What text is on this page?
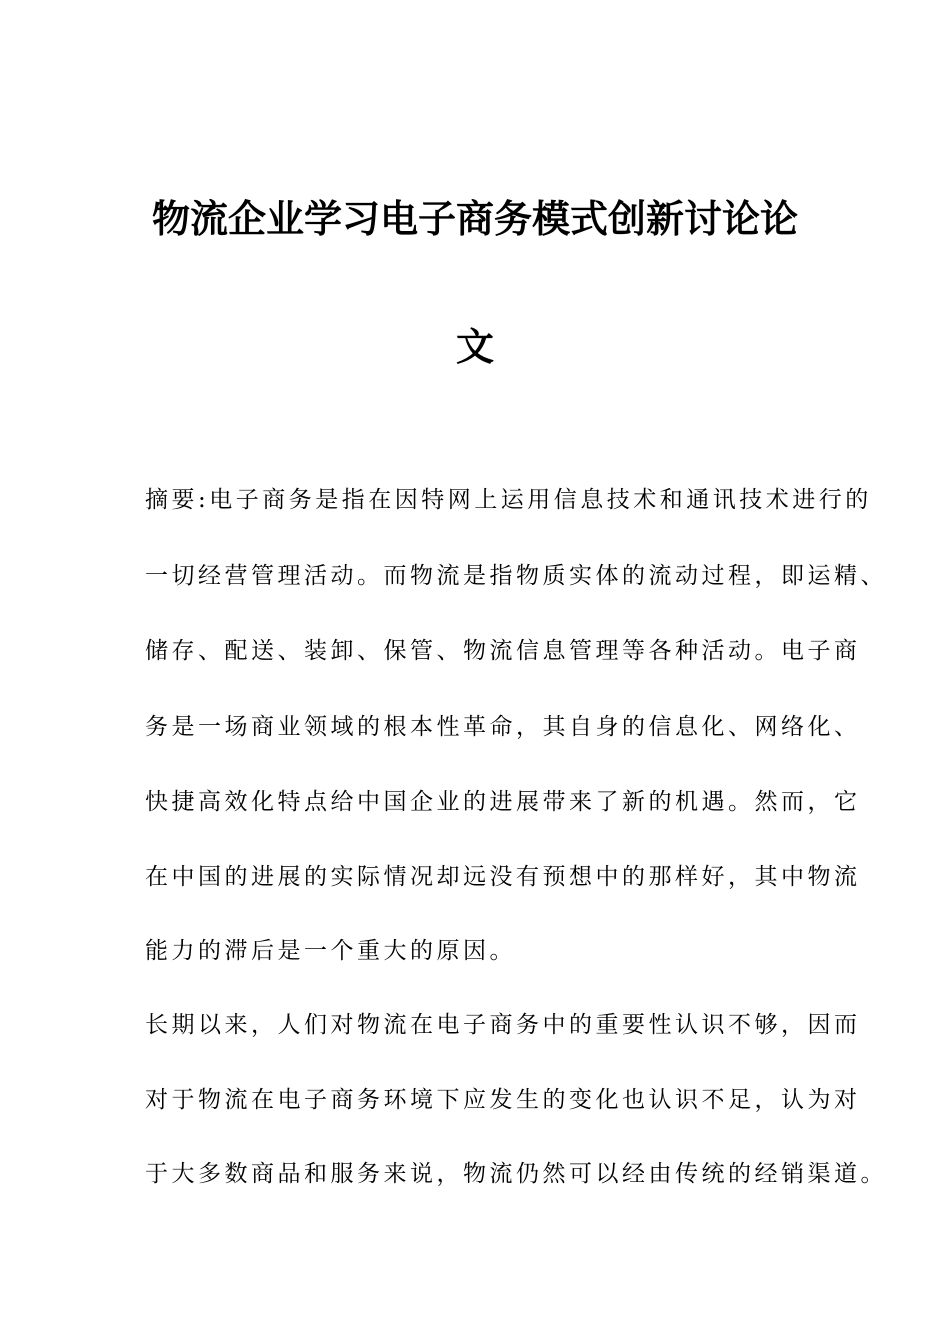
物流企业学习电子商务模式创新讨论论
文
摘要:电子商务是指在因特网上运用信息技术和通讯技术进行的
一切经营管理活动。而物流是指物质实体的流动过程，即运精、
储存、配送、装卸、保管、物流信息管理等各种活动。电子商
务是一场商业领域的根本性革命，其自身的信息化、网络化、
快捷高效化特点给中国企业的进展带来了新的机遇。然而，它
在中国的进展的实际情况却远没有预想中的那样好，其中物流
能力的滞后是一个重大的原因。
长期以来，人们对物流在电子商务中的重要性认识不够，因而
对于物流在电子商务环境下应发生的变化也认识不足，认为对
于大多数商品和服务来说，物流仍然可以经由传统的经销渠道。
